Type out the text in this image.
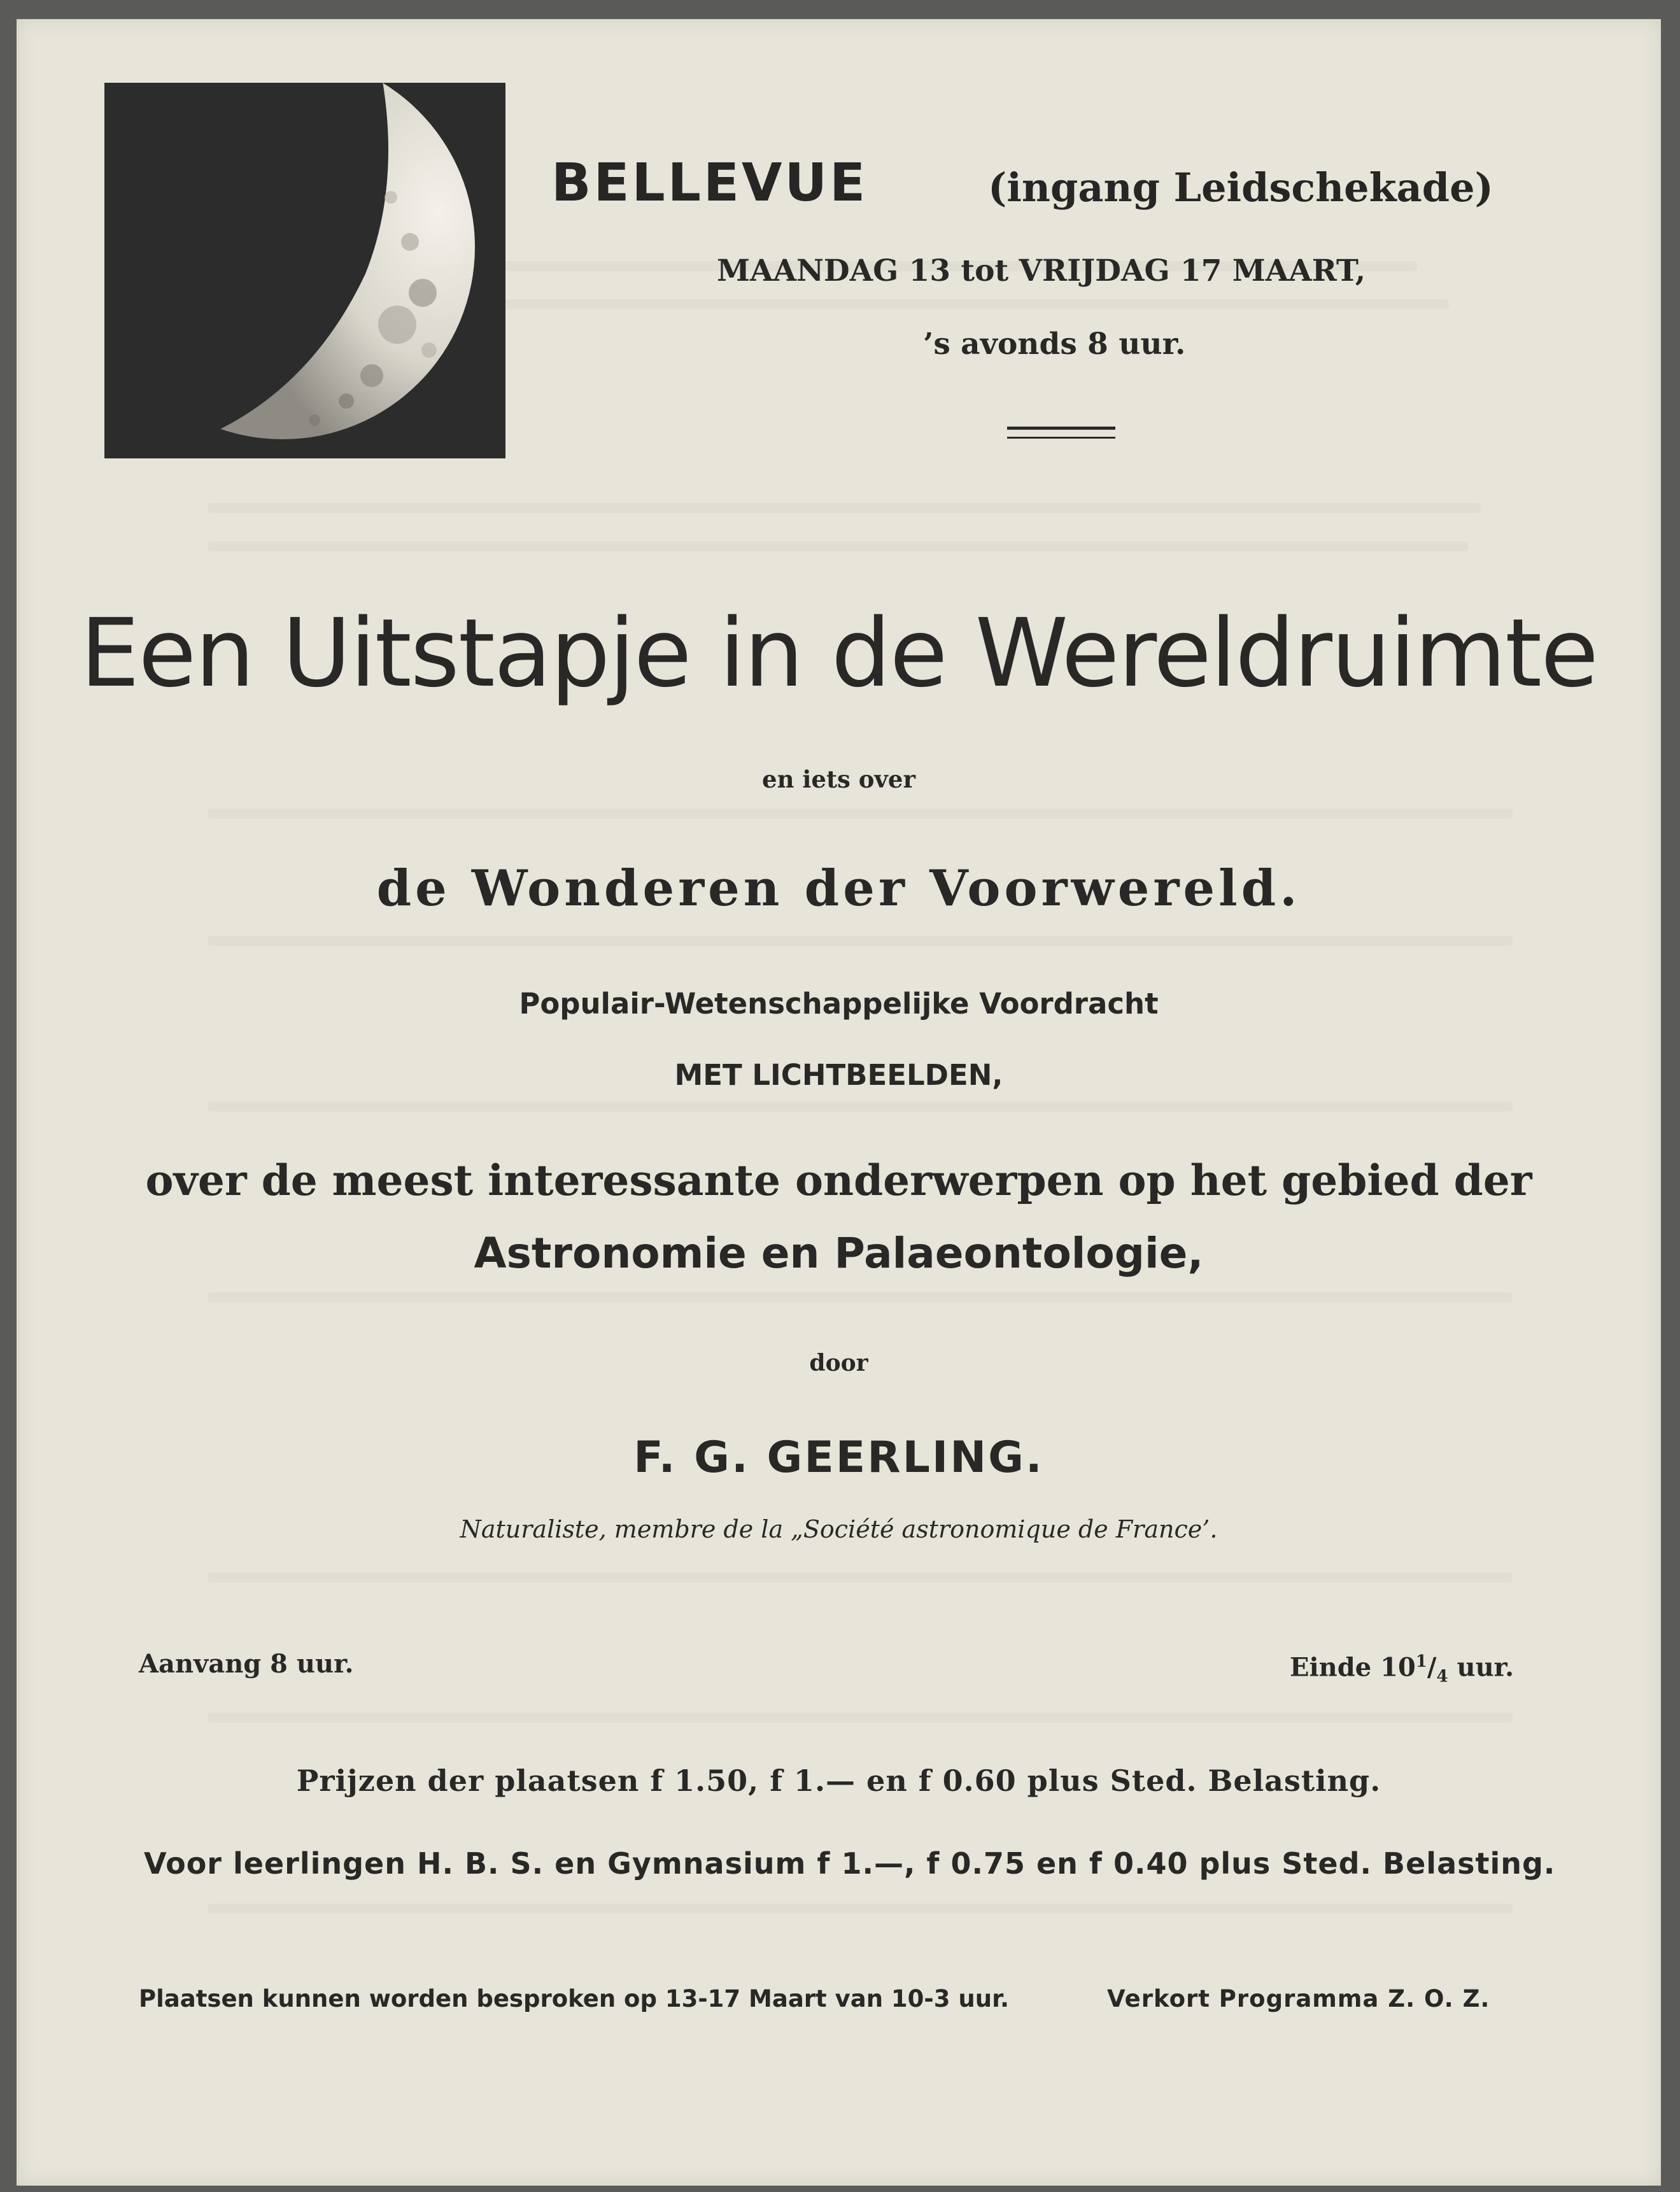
BELLEVUE	(ingang Leidschekade)
MAANDAG 13 tot VRIJDAG 17 MAART,
’s avonds 8 uur.
Een Uitstapje in de Wereldruimte
en iets over
de Wonderen der Voorwereld.
Populair-Wetenschappelijke Voordracht
MET LICHTBEELDEN,
over de meest interessante onderwerpen op het gebied der
Astronomie en Palaeontologie,
door
F. G. GEERLING.
Naturaliste, membre de la „Société astronomique de France’.
Aanvang 8 uur.	Einde $10^1/_4$ uur.
Prijzen der plaatsen f 1.50, f 1.— en f 0.60 plus Sted. Belasting.
Voor leerlingen H. B. S. en Gymnasium f 1.—, f 0.75 en f 0.40 plus Sted. Belasting.
Plaatsen kunnen worden besproken op 13-17 Maart van 10-3 uur.	Verkort Programma Z. O. Z.
